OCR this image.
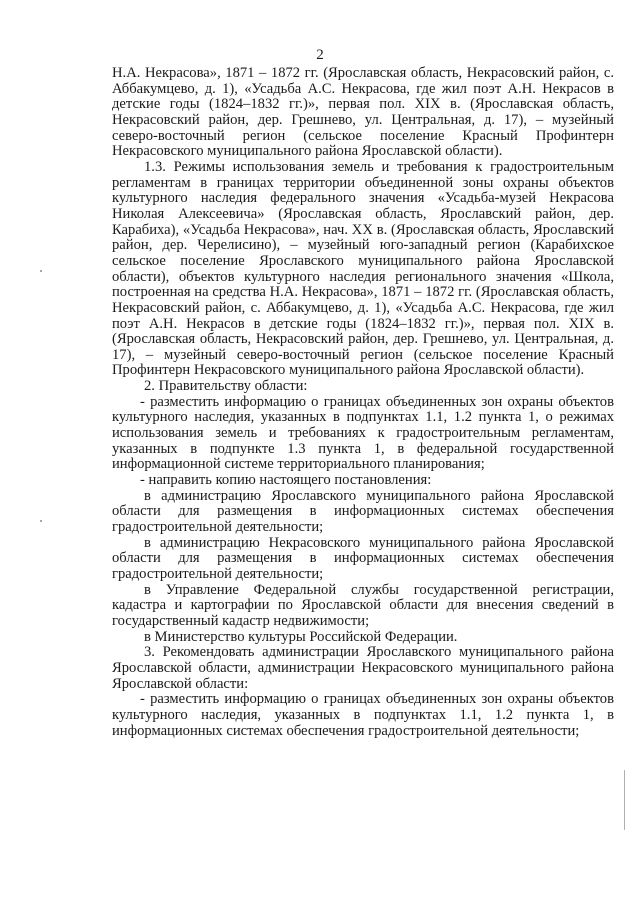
2

Н.А. Некрасова», 1871 – 1872 гг. (Ярославская область, Некрасовский район, с. Аббакумцево, д. 1), «Усадьба А.С. Некрасова, где жил поэт А.Н. Некрасов в детские годы (1824–1832 гг.)», первая пол. XIX в. (Ярославская область, Некрасовский район, дер. Грешнево, ул. Центральная, д. 17), – музейный северо-восточный регион (сельское поселение Красный Профинтерн Некрасовского муниципального района Ярославской области).

1.3. Режимы использования земель и требования к градостроительным регламентам в границах территории объединенной зоны охраны объектов культурного наследия федерального значения «Усадьба-музей Некрасова Николая Алексеевича» (Ярославская область, Ярославский район, дер. Карабиха), «Усадьба Некрасова», нач. XX в. (Ярославская область, Ярославский район, дер. Черелисино), – музейный юго-западный регион (Карабихское сельское поселение Ярославского муниципального района Ярославской области), объектов культурного наследия регионального значения «Школа, построенная на средства Н.А. Некрасова», 1871 – 1872 гг. (Ярославская область, Некрасовский район, с. Аббакумцево, д. 1), «Усадьба А.С. Некрасова, где жил поэт А.Н. Некрасов в детские годы (1824–1832 гг.)», первая пол. XIX в. (Ярославская область, Некрасовский район, дер. Грешнево, ул. Центральная, д. 17), – музейный северо-восточный регион (сельское поселение Красный Профинтерн Некрасовского муниципального района Ярославской области).

2. Правительству области:

- разместить информацию о границах объединенных зон охраны объектов культурного наследия, указанных в подпунктах 1.1, 1.2 пункта 1, о режимах использования земель и требованиях к градостроительным регламентам, указанных в подпункте 1.3 пункта 1, в федеральной государственной информационной системе территориального планирования;

- направить копию настоящего постановления:

в администрацию Ярославского муниципального района Ярославской области для размещения в информационных системах обеспечения градостроительной деятельности;

в администрацию Некрасовского муниципального района Ярославской области для размещения в информационных системах обеспечения градостроительной деятельности;

в Управление Федеральной службы государственной регистрации, кадастра и картографии по Ярославской области для внесения сведений в государственный кадастр недвижимости;

в Министерство культуры Российской Федерации.

3. Рекомендовать администрации Ярославского муниципального района Ярославской области, администрации Некрасовского муниципального района Ярославской области:

- разместить информацию о границах объединенных зон охраны объектов культурного наследия, указанных в подпунктах 1.1, 1.2 пункта 1, в информационных системах обеспечения градостроительной деятельности;
